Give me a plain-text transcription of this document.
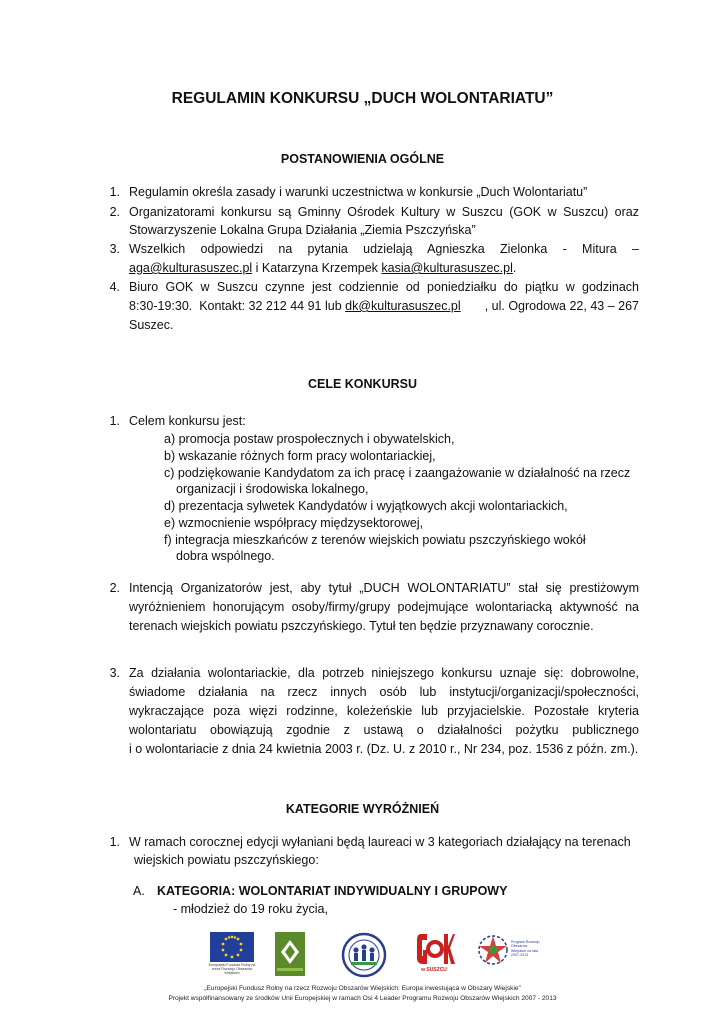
REGULAMIN KONKURSU „DUCH WOLONTARIATU”
POSTANOWIENIA OGÓLNE
1. Regulamin określa zasady i warunki uczestnictwa w konkursie „Duch Wolontariatu”
2. Organizatorami konkursu są Gminny Ośrodek Kultury w Suszcu (GOK w Suszcu) oraz
Stowarzyszenie Lokalna Grupa Działania „Ziemia Pszczyńska”
3. Wszelkich odpowiedzi na pytania udzielają Agnieszka Zielonka - Mitura –
aga@kulturasuszec.pl i Katarzyna Krzempek kasia@kulturasuszec.pl.
4. Biuro GOK w Suszcu czynne jest codziennie od poniedziałku do piątku w godzinach
8:30-19:30.  Kontakt: 32 212 44 91 lub dk@kulturasuszec.pl	, ul. Ogrodowa 22, 43 – 267
Suszec.
CELE KONKURSU
1. Celem konkursu jest:
a) promocja postaw prospołecznych i obywatelskich,
b) wskazanie różnych form pracy wolontariackiej,
c) podziękowanie Kandydatom za ich pracę i zaangażowanie w działalność na rzecz
organizacji i środowiska lokalnego,
d) prezentacja sylwetek Kandydatów i wyjątkowych akcji wolontariackich,
e) wzmocnienie współpracy międzysektorowej,
f) integracja mieszkańców z terenów wiejskich powiatu pszczyńskiego wokół
dobra wspólnego.
2. Intencją Organizatorów jest, aby tytuł „DUCH WOLONTARIATU” stał się prestiżowym
wyróżnieniem honorującym osoby/firmy/grupy podejmujące wolontariacką aktywność na
terenach wiejskich powiatu pszczyńskiego. Tytuł ten będzie przyznawany corocznie.
3. Za działania wolontariackie, dla potrzeb niniejszego konkursu uznaje się: dobrowolne,
świadome działania na rzecz innych osób lub instytucji/organizacji/społeczności,
wykraczające poza więzi rodzinne, koleżeńskie lub przyjacielskie. Pozostałe kryteria
wolontariatu obowiązują zgodnie z ustawą o działalności pożytku publicznego
i o wolontariacie z dnia 24 kwietnia 2003 r. (Dz. U. z 2010 r., Nr 234, poz. 1536 z późn. zm.).
KATEGORIE WYRÓŻNIEŃ
1. W ramach corocznej edycji wyłaniani będą laureaci w 3 kategoriach działający na terenach
wiejskich powiatu pszczyńskiego:
A. KATEGORIA: WOLONTARIAT INDYWIDUALNY I GRUPOWY
- młodzież do 19 roku życia,
Europejski Fundusz Rolny na rzecz Rozwoju Obszarów Wiejskich	w SUSZCU
Program Rozwoju Obszarów Wiejskich na lata 2007-2013
„Europejski Fundusz Rolny na rzecz Rozwoju Obszarów Wiejskich: Europa inwestująca w Obszary Wiejskie”
Projekt współfinansowany ze środków Unii Europejskiej w ramach Osi 4 Leader Programu Rozwoju Obszarów Wiejskich 2007 - 2013
